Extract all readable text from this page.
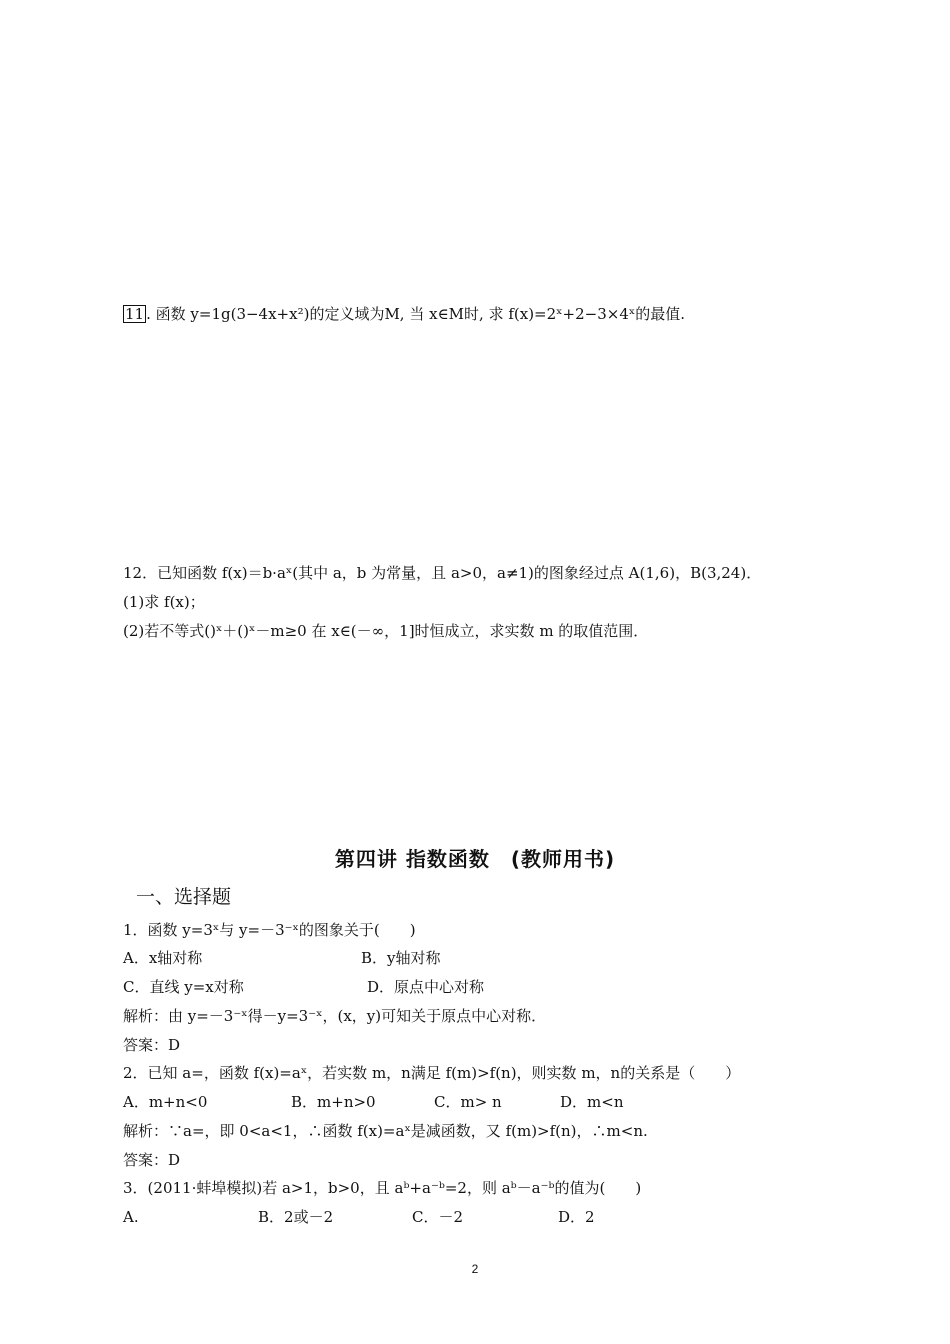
11 . 函数 y=1g(3−4x+x²)的定义域为M, 当 x∈M时, 求 f(x)=2ˣ+2−3×4ˣ的最值.
12．已知函数 f(x)＝b·aˣ(其中 a，b 为常量，且 a>0，a≠1)的图象经过点 A(1,6)，B(3,24)．
(1)求 f(x)；
(2)若不等式()ˣ＋()ˣ－m≥0 在 x∈(－∞，1]时恒成立，求实数 m 的取值范围．
第四讲 指数函数　(教师用书)
一、选择题
1．函数 y=3ˣ与 y=－3⁻ˣ的图象关于(　　)
A．x轴对称	B．y轴对称
C．直线 y=x对称	D．原点中心对称
解析：由 y=－3⁻ˣ得－y=3⁻ˣ，(x，y)可知关于原点中心对称．
答案：D
2．已知 a=，函数 f(x)=aˣ，若实数 m，n满足 f(m)>f(n)，则实数 m，n的关系是（　　）
A．m+n<0	B．m+n>0	C．m> n	D．m<n
解析：∵a=，即 0<a<1，∴函数 f(x)=aˣ是减函数，又 f(m)>f(n)，∴m<n.
答案：D
3．(2011·蚌埠模拟)若 a>1，b>0，且 aᵇ+a⁻ᵇ=2，则 aᵇ－a⁻ᵇ的值为(　　)
A.	B．2或－2	C．－2	D．2
2
